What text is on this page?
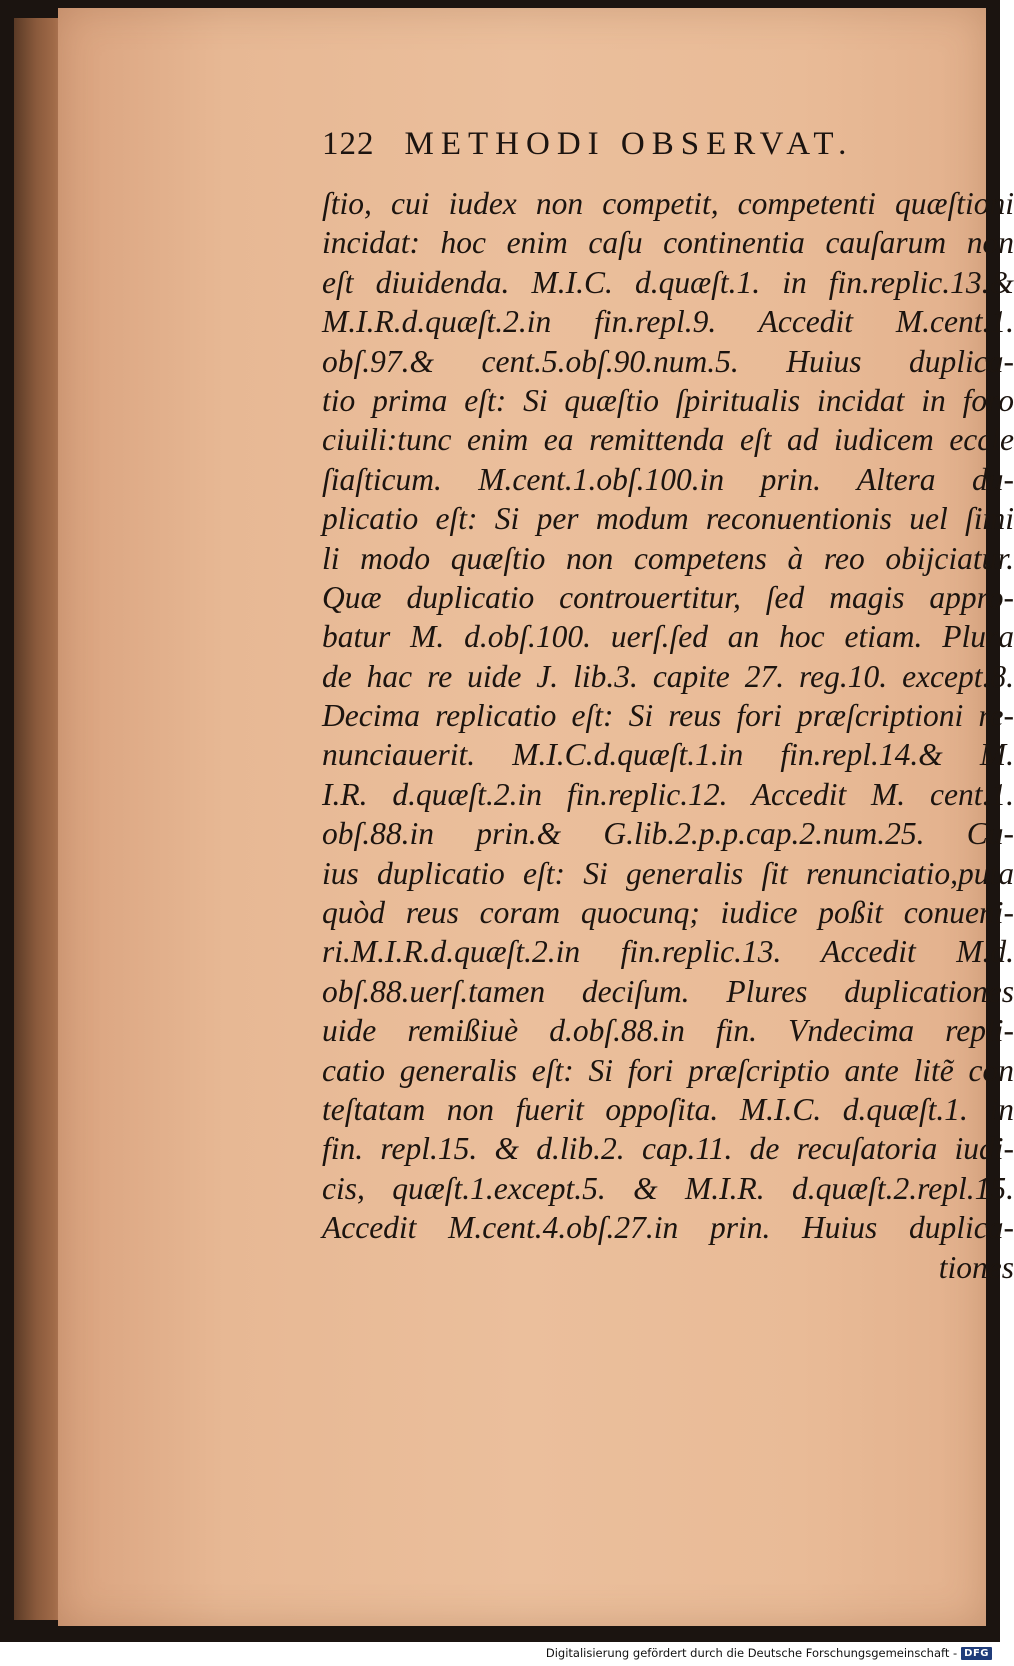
122 METHODI OBSERVAT.
ſtio, cui iudex non competit, competenti quæſtioni
incidat: hoc enim caſu continentia cauſarum non
eſt diuidenda. M.I.C. d.quæſt.1. in fin.replic.13.&
M.I.R.d.quæſt.2.in fin.repl.9. Accedit M.cent.1.
obſ.97.& cent.5.obſ.90.num.5. Huius duplica-
tio prima eſt: Si quæſtio ſpiritualis incidat in foro
ciuili:tunc enim ea remittenda eſt ad iudicem eccle
ſiaſticum. M.cent.1.obſ.100.in prin. Altera du-
plicatio eſt: Si per modum reconuentionis uel ſimi
li modo quæſtio non competens à reo obijciatur.
Quæ duplicatio controuertitur, ſed magis appro-
batur M. d.obſ.100. uerſ.ſed an hoc etiam. Plura
de hac re uide J. lib.3. capite 27. reg.10. except.8.
Decima replicatio eſt: Si reus fori præſcriptioni re-
nunciauerit. M.I.C.d.quæſt.1.in fin.repl.14.& M.
I.R. d.quæſt.2.in fin.replic.12. Accedit M. cent.1.
obſ.88.in prin.& G.lib.2.p.p.cap.2.num.25. Cu-
ius duplicatio eſt: Si generalis ſit renunciatio,puta
quòd reus coram quocunq; iudice poßit conueni-
ri.M.I.R.d.quæſt.2.in fin.replic.13. Accedit M.d.
obſ.88.uerſ.tamen deciſum. Plures duplicationes
uide remißiuè d.obſ.88.in fin. Vndecima repli-
catio generalis eſt: Si fori præſcriptio ante litẽ con
teſtatam non fuerit oppoſita. M.I.C. d.quæſt.1. in
fin. repl.15. & d.lib.2. cap.11. de recuſatoria iudi-
cis, quæſt.1.except.5. & M.I.R. d.quæſt.2.repl.15.
Accedit M.cent.4.obſ.27.in prin. Huius duplica-
tiones
Digitalisierung gefördert durch die Deutsche Forschungsgemeinschaft - DFG
